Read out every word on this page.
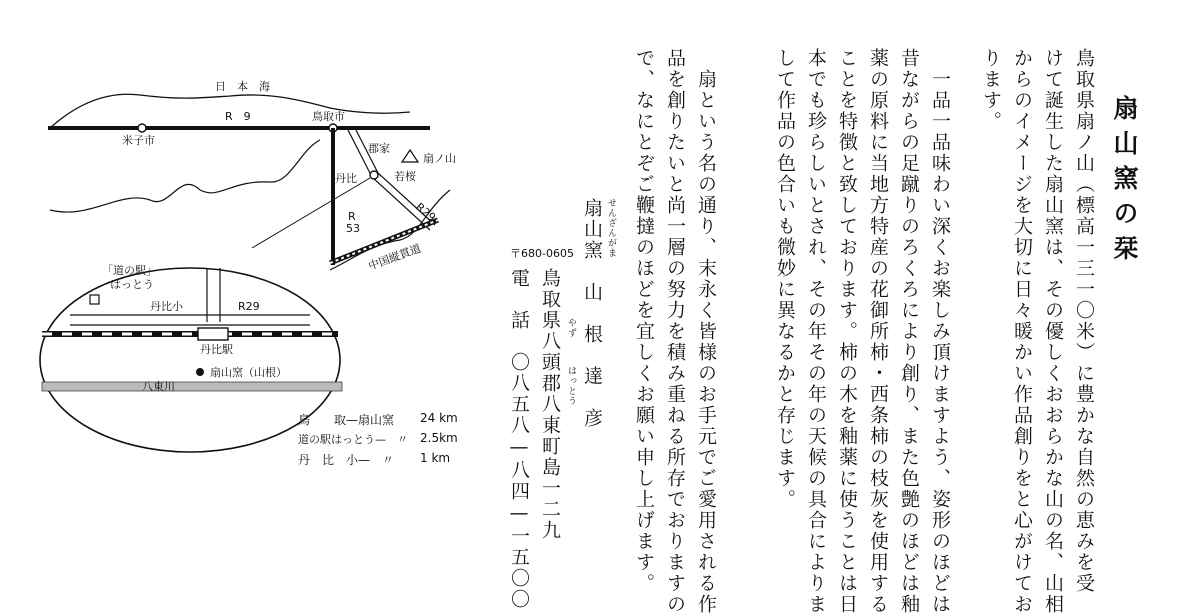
扇山窯の栞
鳥取県扇ノ山（標高一三一〇米）に豊かな自然の恵みを受
けて誕生した扇山窯は、その優しくおおらかな山の名、山相
からのイメージを大切に日々暖かい作品創りをと心がけてお
ります。
　一品一品味わい深くお楽しみ頂けますよう、姿形のほどは
昔ながらの足蹴りのろくろにより創り、また色艶のほどは釉
薬の原料に当地方特産の花御所柿・西条柿の枝灰を使用する
ことを特徴と致しております。柿の木を釉薬に使うことは日
本でも珍らしいとされ、その年その年の天候の具合によりま
して作品の色合いも微妙に異なるかと存じます。
　扇という名の通り、末永く皆様のお手元でご愛用される作
品を創りたいと尚一層の努力を積み重ねる所存でおりますの
で、なにとぞご鞭撻のほどを宜しくお願い申し上げます。
せんざんがま
扇山窯　山　根　達　彦
〒680-0605
やず
はっとう
鳥取県八頭郡八東町島一二九
電　話　〇八五八—八四—一五〇〇
日　本　海
R　9
米子市
鳥取市
R
53
R29
丹比
郡家
若桜
扇ノ山
中国縦貫道
R29
丹比小
「道の駅」
はっとう
丹比駅
扇山窯（山根）
八東川
鳥　　取—扇山窯 24 km
道の駅はっとう—　〃 2.5km
丹　比　小—　〃 1 km
